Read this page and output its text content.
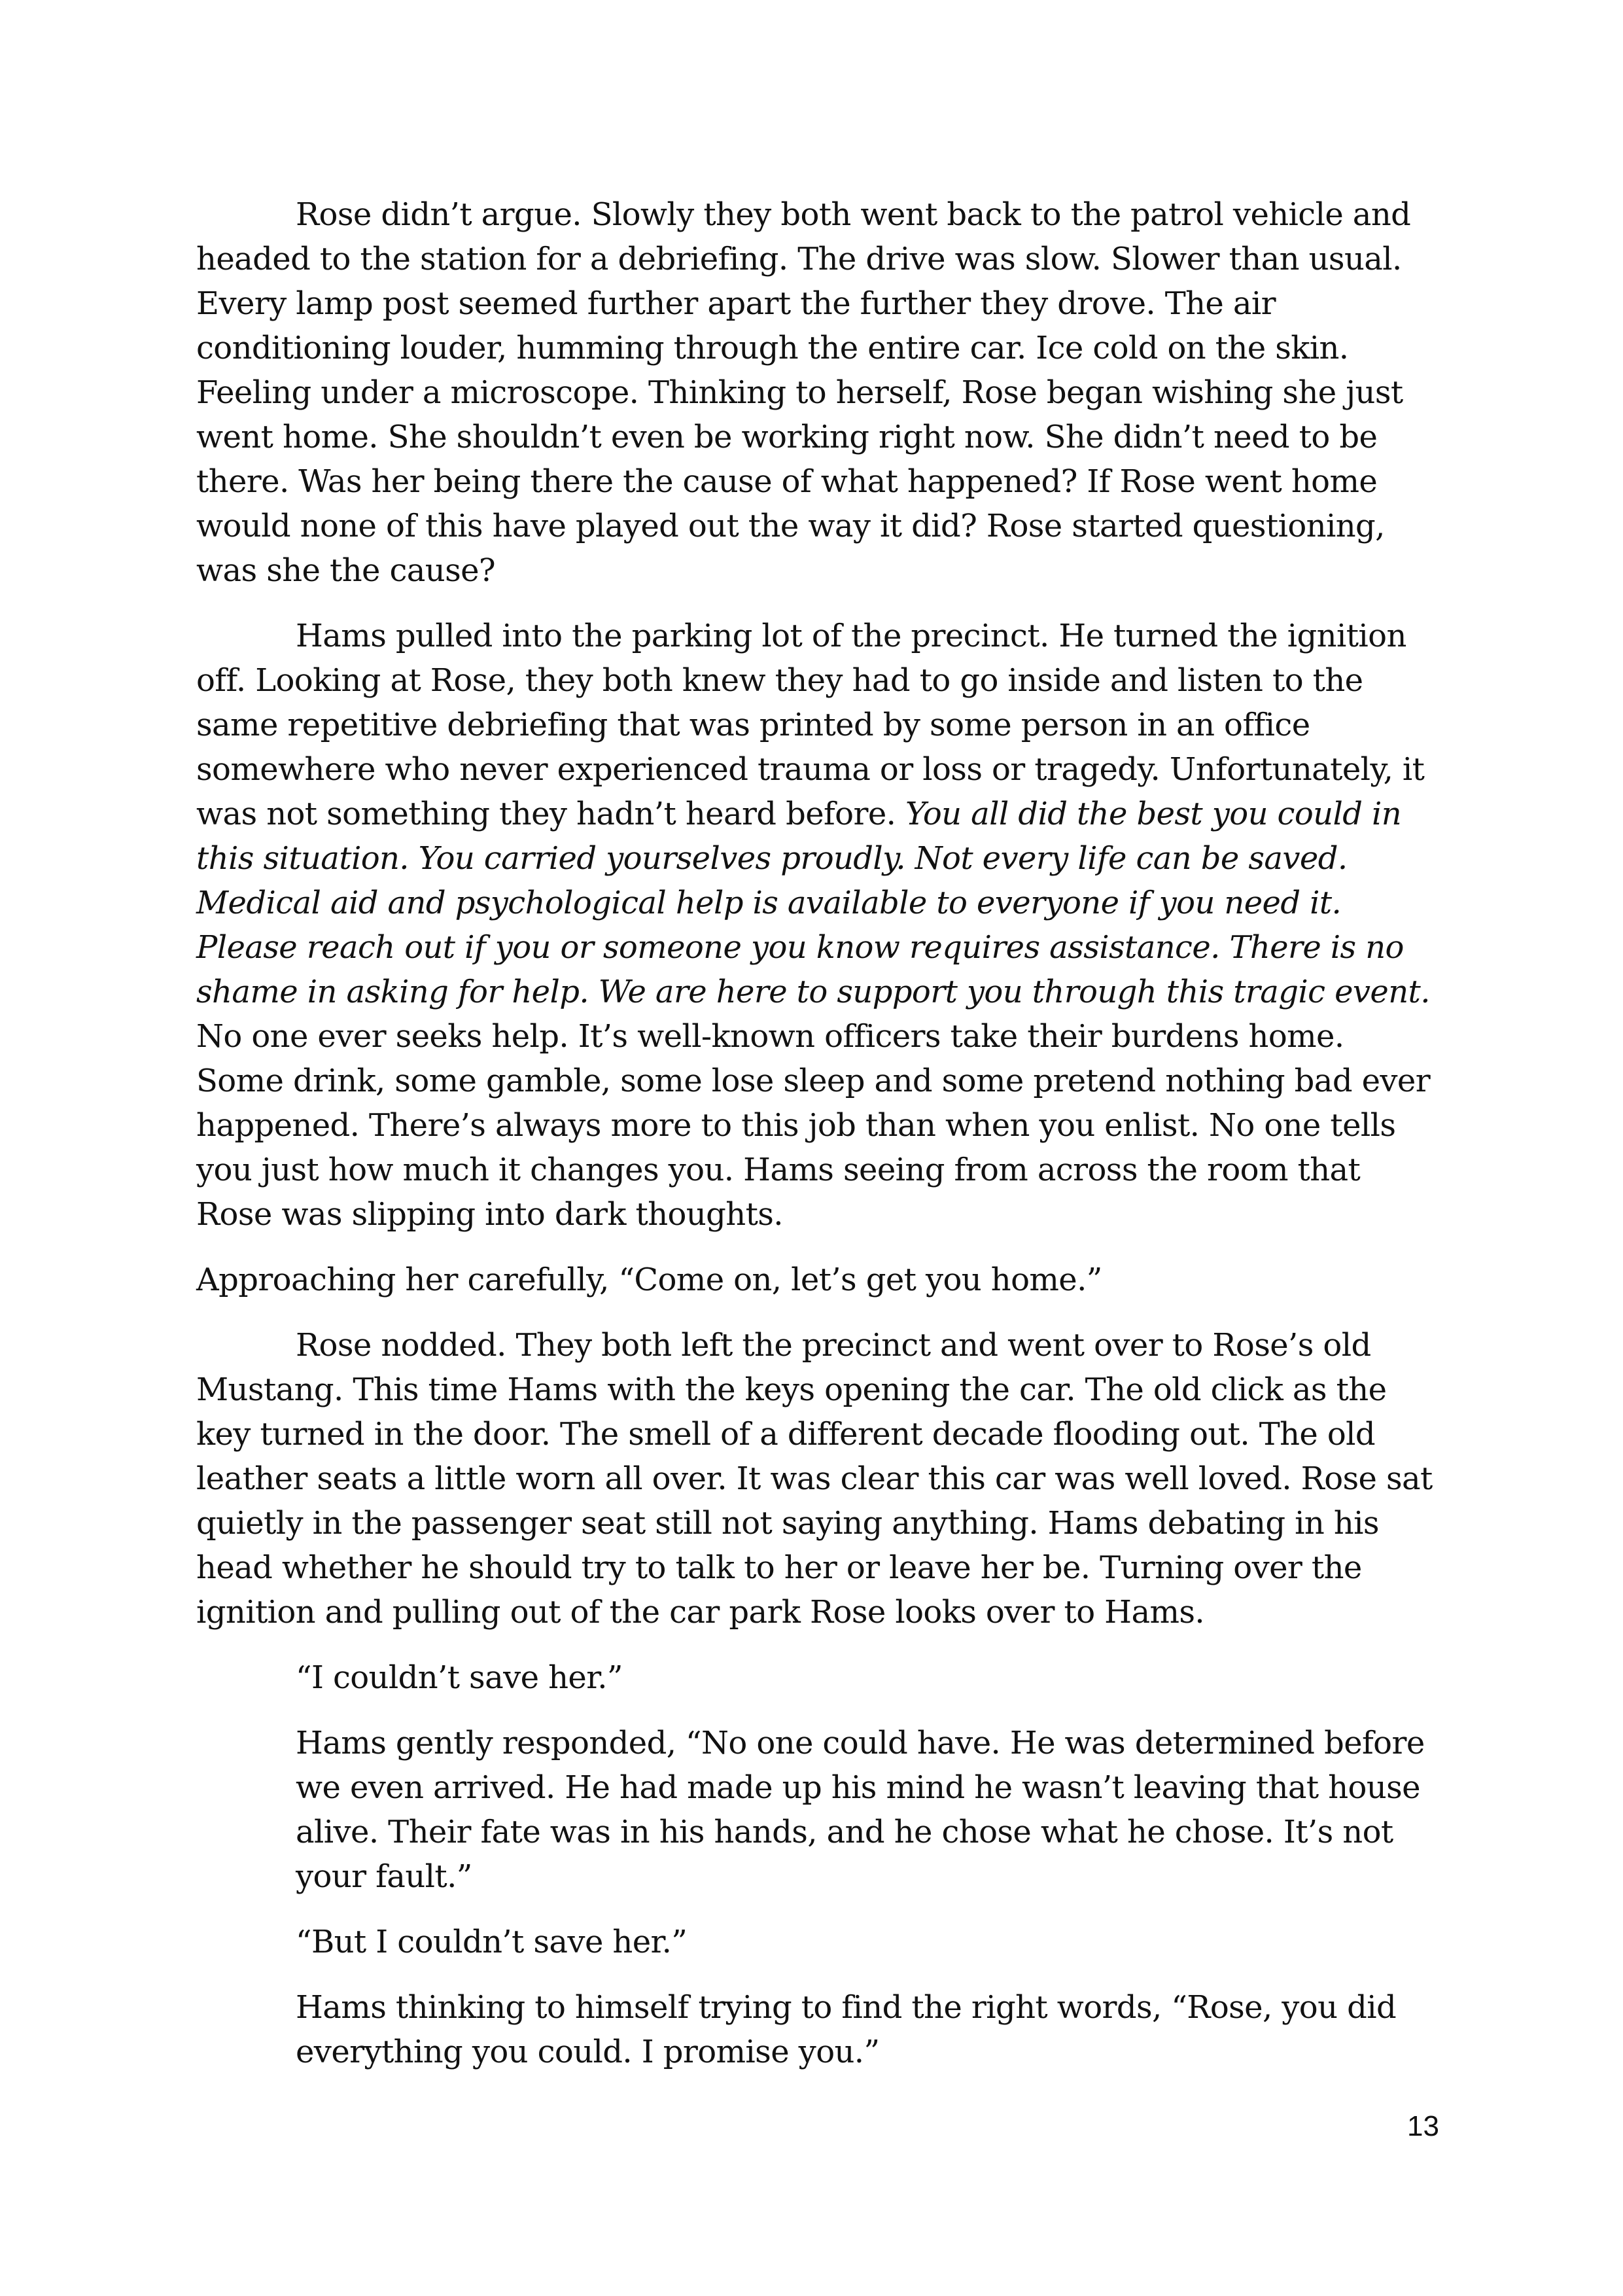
Rose didn’t argue. Slowly they both went back to the patrol vehicle and headed to the station for a debriefing. The drive was slow. Slower than usual. Every lamp post seemed further apart the further they drove. The air conditioning louder, humming through the entire car. Ice cold on the skin. Feeling under a microscope. Thinking to herself, Rose began wishing she just went home. She shouldn’t even be working right now. She didn’t need to be there. Was her being there the cause of what happened? If Rose went home would none of this have played out the way it did? Rose started questioning, was she the cause?

Hams pulled into the parking lot of the precinct. He turned the ignition off. Looking at Rose, they both knew they had to go inside and listen to the same repetitive debriefing that was printed by some person in an office somewhere who never experienced trauma or loss or tragedy. Unfortunately, it was not something they hadn’t heard before. You all did the best you could in this situation. You carried yourselves proudly. Not every life can be saved. Medical aid and psychological help is available to everyone if you need it. Please reach out if you or someone you know requires assistance. There is no shame in asking for help. We are here to support you through this tragic event. No one ever seeks help. It’s well-known officers take their burdens home. Some drink, some gamble, some lose sleep and some pretend nothing bad ever happened. There’s always more to this job than when you enlist. No one tells you just how much it changes you. Hams seeing from across the room that Rose was slipping into dark thoughts.

Approaching her carefully, “Come on, let’s get you home.”

Rose nodded. They both left the precinct and went over to Rose’s old Mustang. This time Hams with the keys opening the car. The old click as the key turned in the door. The smell of a different decade flooding out. The old leather seats a little worn all over. It was clear this car was well loved. Rose sat quietly in the passenger seat still not saying anything. Hams debating in his head whether he should try to talk to her or leave her be. Turning over the ignition and pulling out of the car park Rose looks over to Hams.

“I couldn’t save her.”

Hams gently responded, “No one could have. He was determined before we even arrived. He had made up his mind he wasn’t leaving that house alive. Their fate was in his hands, and he chose what he chose. It’s not your fault.”

“But I couldn’t save her.”

Hams thinking to himself trying to find the right words, “Rose, you did everything you could. I promise you.”

13
